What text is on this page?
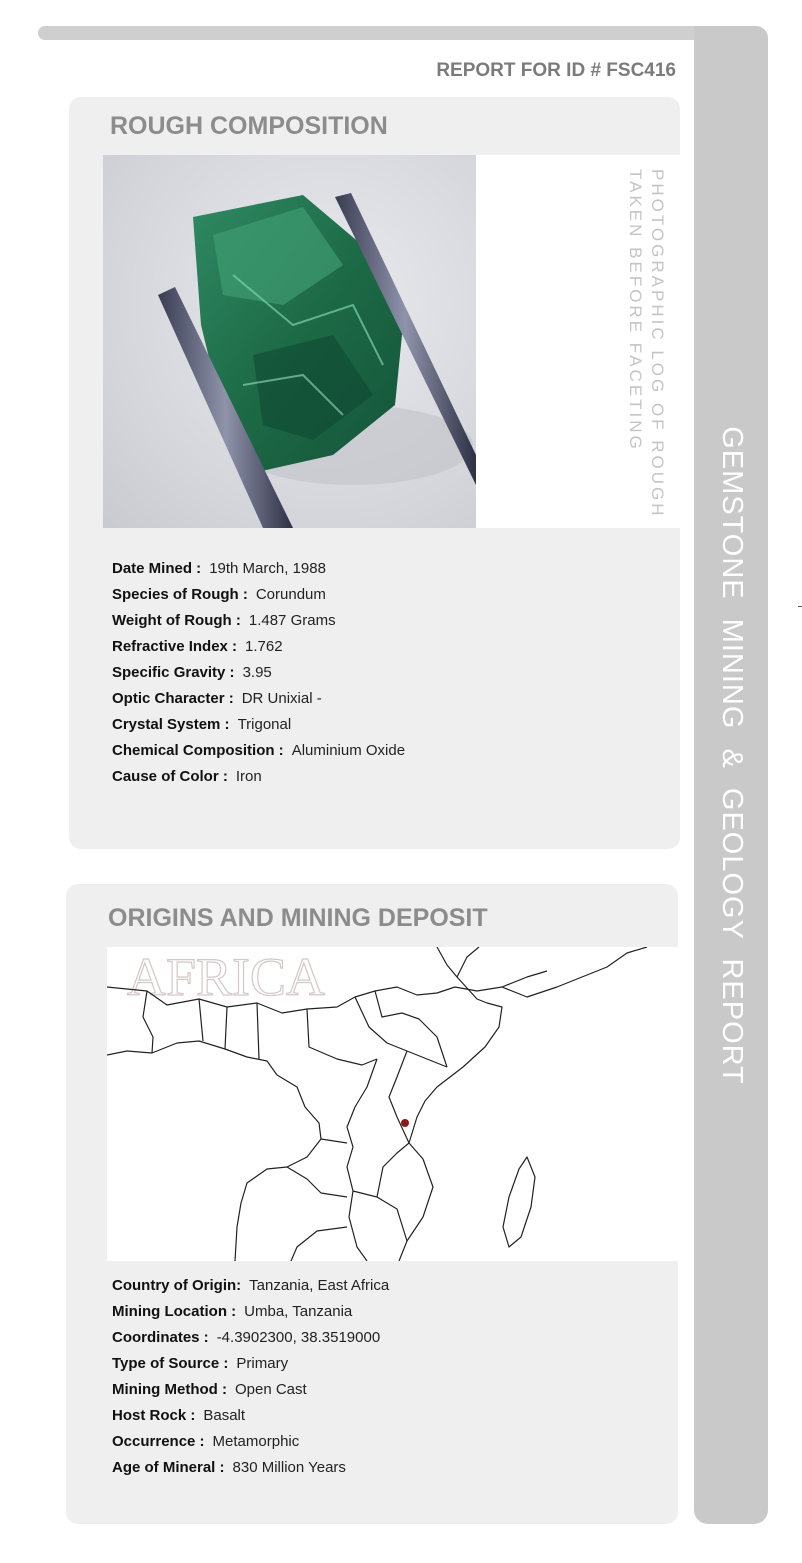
GEMSTONE MINING & GEOLOGY REPORT
REPORT FOR ID # FSC416
ROUGH COMPOSITION
PHOTOGRAPHIC LOG OF ROUGH
TAKEN BEFORE FACETING
Date Mined : 19th March, 1988
Species of Rough : Corundum
Weight of Rough : 1.487 Grams
Refractive Index : 1.762
Specific Gravity : 3.95
Optic Character : DR Unixial -
Crystal System : Trigonal
Chemical Composition : Aluminium Oxide
Cause of Color : Iron
ORIGINS AND MINING DEPOSIT
AFRICA
Country of Origin: Tanzania, East Africa
Mining Location : Umba, Tanzania
Coordinates : -4.3902300, 38.3519000
Type of Source : Primary
Mining Method : Open Cast
Host Rock : Basalt
Occurrence : Metamorphic
Age of Mineral : 830 Million Years
